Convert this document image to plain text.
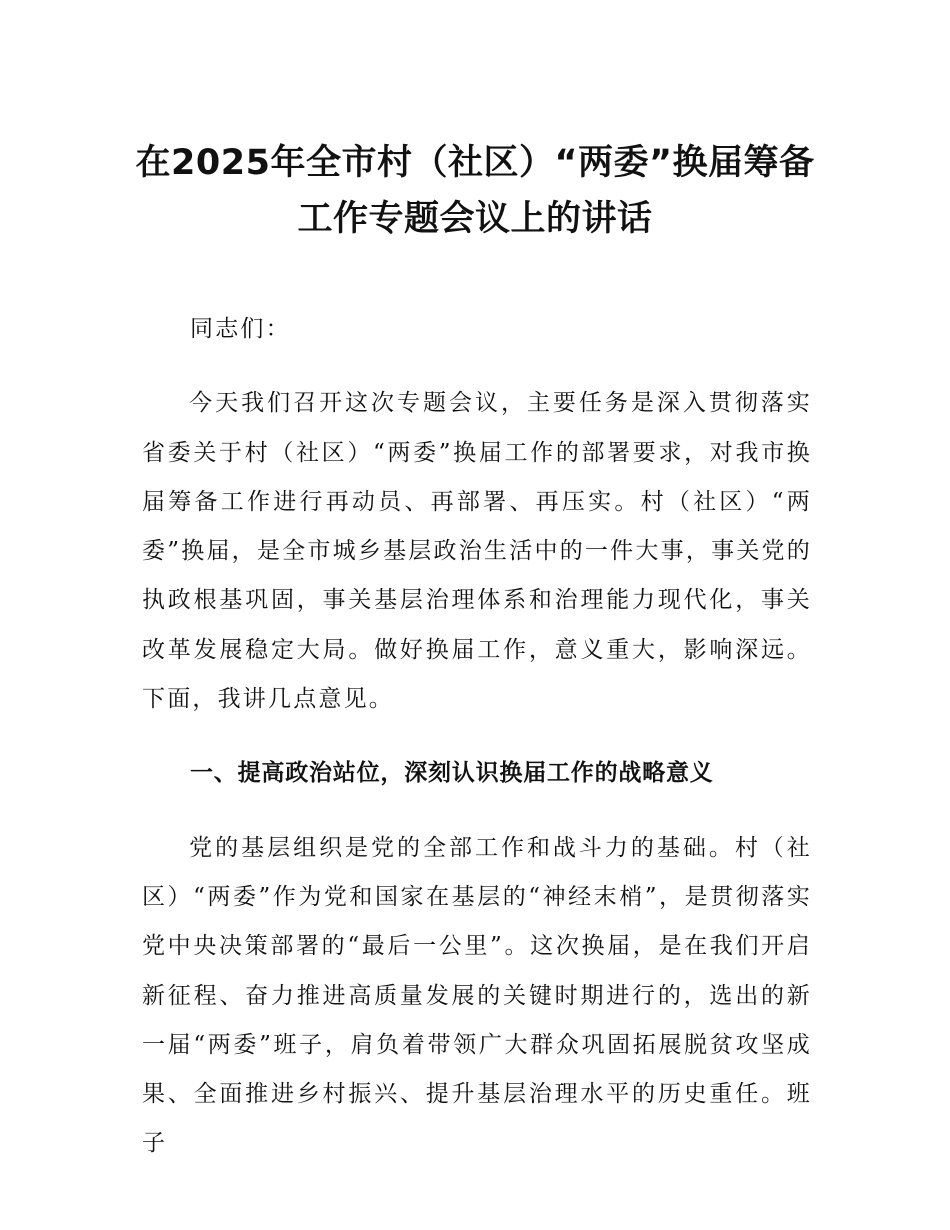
在2025年全市村（社区）“两委”换届筹备
工作专题会议上的讲话

同志们：

今天我们召开这次专题会议，主要任务是深入贯彻落实省委关于村（社区）“两委”换届工作的部署要求，对我市换届筹备工作进行再动员、再部署、再压实。村（社区）“两委”换届，是全市城乡基层政治生活中的一件大事，事关党的执政根基巩固，事关基层治理体系和治理能力现代化，事关改革发展稳定大局。做好换届工作，意义重大，影响深远。下面，我讲几点意见。

一、提高政治站位，深刻认识换届工作的战略意义

党的基层组织是党的全部工作和战斗力的基础。村（社区）“两委”作为党和国家在基层的“神经末梢”，是贯彻落实党中央决策部署的“最后一公里”。这次换届，是在我们开启新征程、奋力推进高质量发展的关键时期进行的，选出的新一届“两委”班子，肩负着带领广大群众巩固拓展脱贫攻坚成果、全面推进乡村振兴、提升基层治理水平的历史重任。班子
